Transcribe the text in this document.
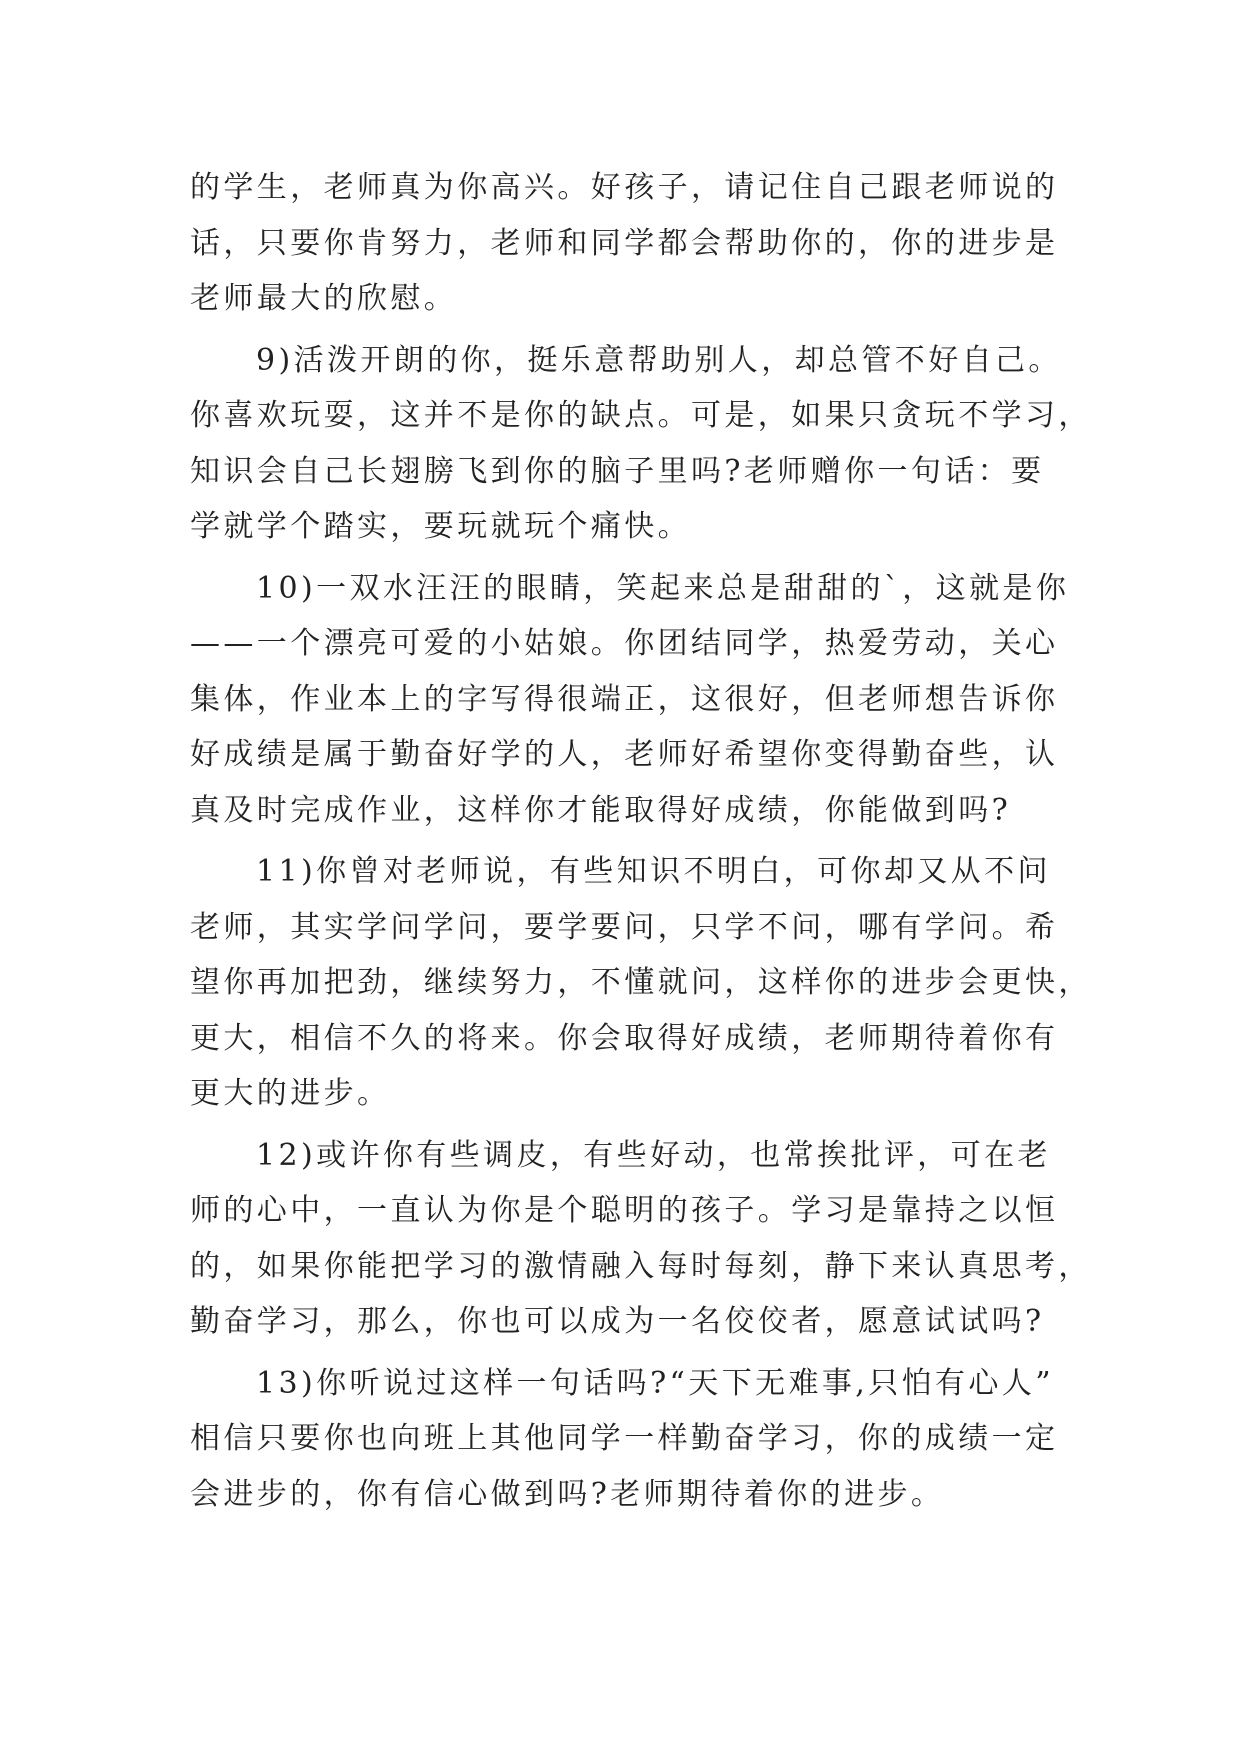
的学生，老师真为你高兴。好孩子，请记住自己跟老师说的
话，只要你肯努力，老师和同学都会帮助你的，你的进步是
老师最大的欣慰。
9)活泼开朗的你，挺乐意帮助别人，却总管不好自己。
你喜欢玩耍，这并不是你的缺点。可是，如果只贪玩不学习，
知识会自己长翅膀飞到你的脑子里吗?老师赠你一句话：要
学就学个踏实，要玩就玩个痛快。
10)一双水汪汪的眼睛，笑起来总是甜甜的`，这就是你
——一个漂亮可爱的小姑娘。你团结同学，热爱劳动，关心
集体，作业本上的字写得很端正，这很好，但老师想告诉你
好成绩是属于勤奋好学的人，老师好希望你变得勤奋些，认
真及时完成作业，这样你才能取得好成绩，你能做到吗?
11)你曾对老师说，有些知识不明白，可你却又从不问
老师，其实学问学问，要学要问，只学不问，哪有学问。希
望你再加把劲，继续努力，不懂就问，这样你的进步会更快，
更大，相信不久的将来。你会取得好成绩，老师期待着你有
更大的进步。
12)或许你有些调皮，有些好动，也常挨批评，可在老
师的心中，一直认为你是个聪明的孩子。学习是靠持之以恒
的，如果你能把学习的激情融入每时每刻，静下来认真思考，
勤奋学习，那么，你也可以成为一名佼佼者，愿意试试吗?
13)你听说过这样一句话吗?“天下无难事,只怕有心人”
相信只要你也向班上其他同学一样勤奋学习，你的成绩一定
会进步的，你有信心做到吗?老师期待着你的进步。
